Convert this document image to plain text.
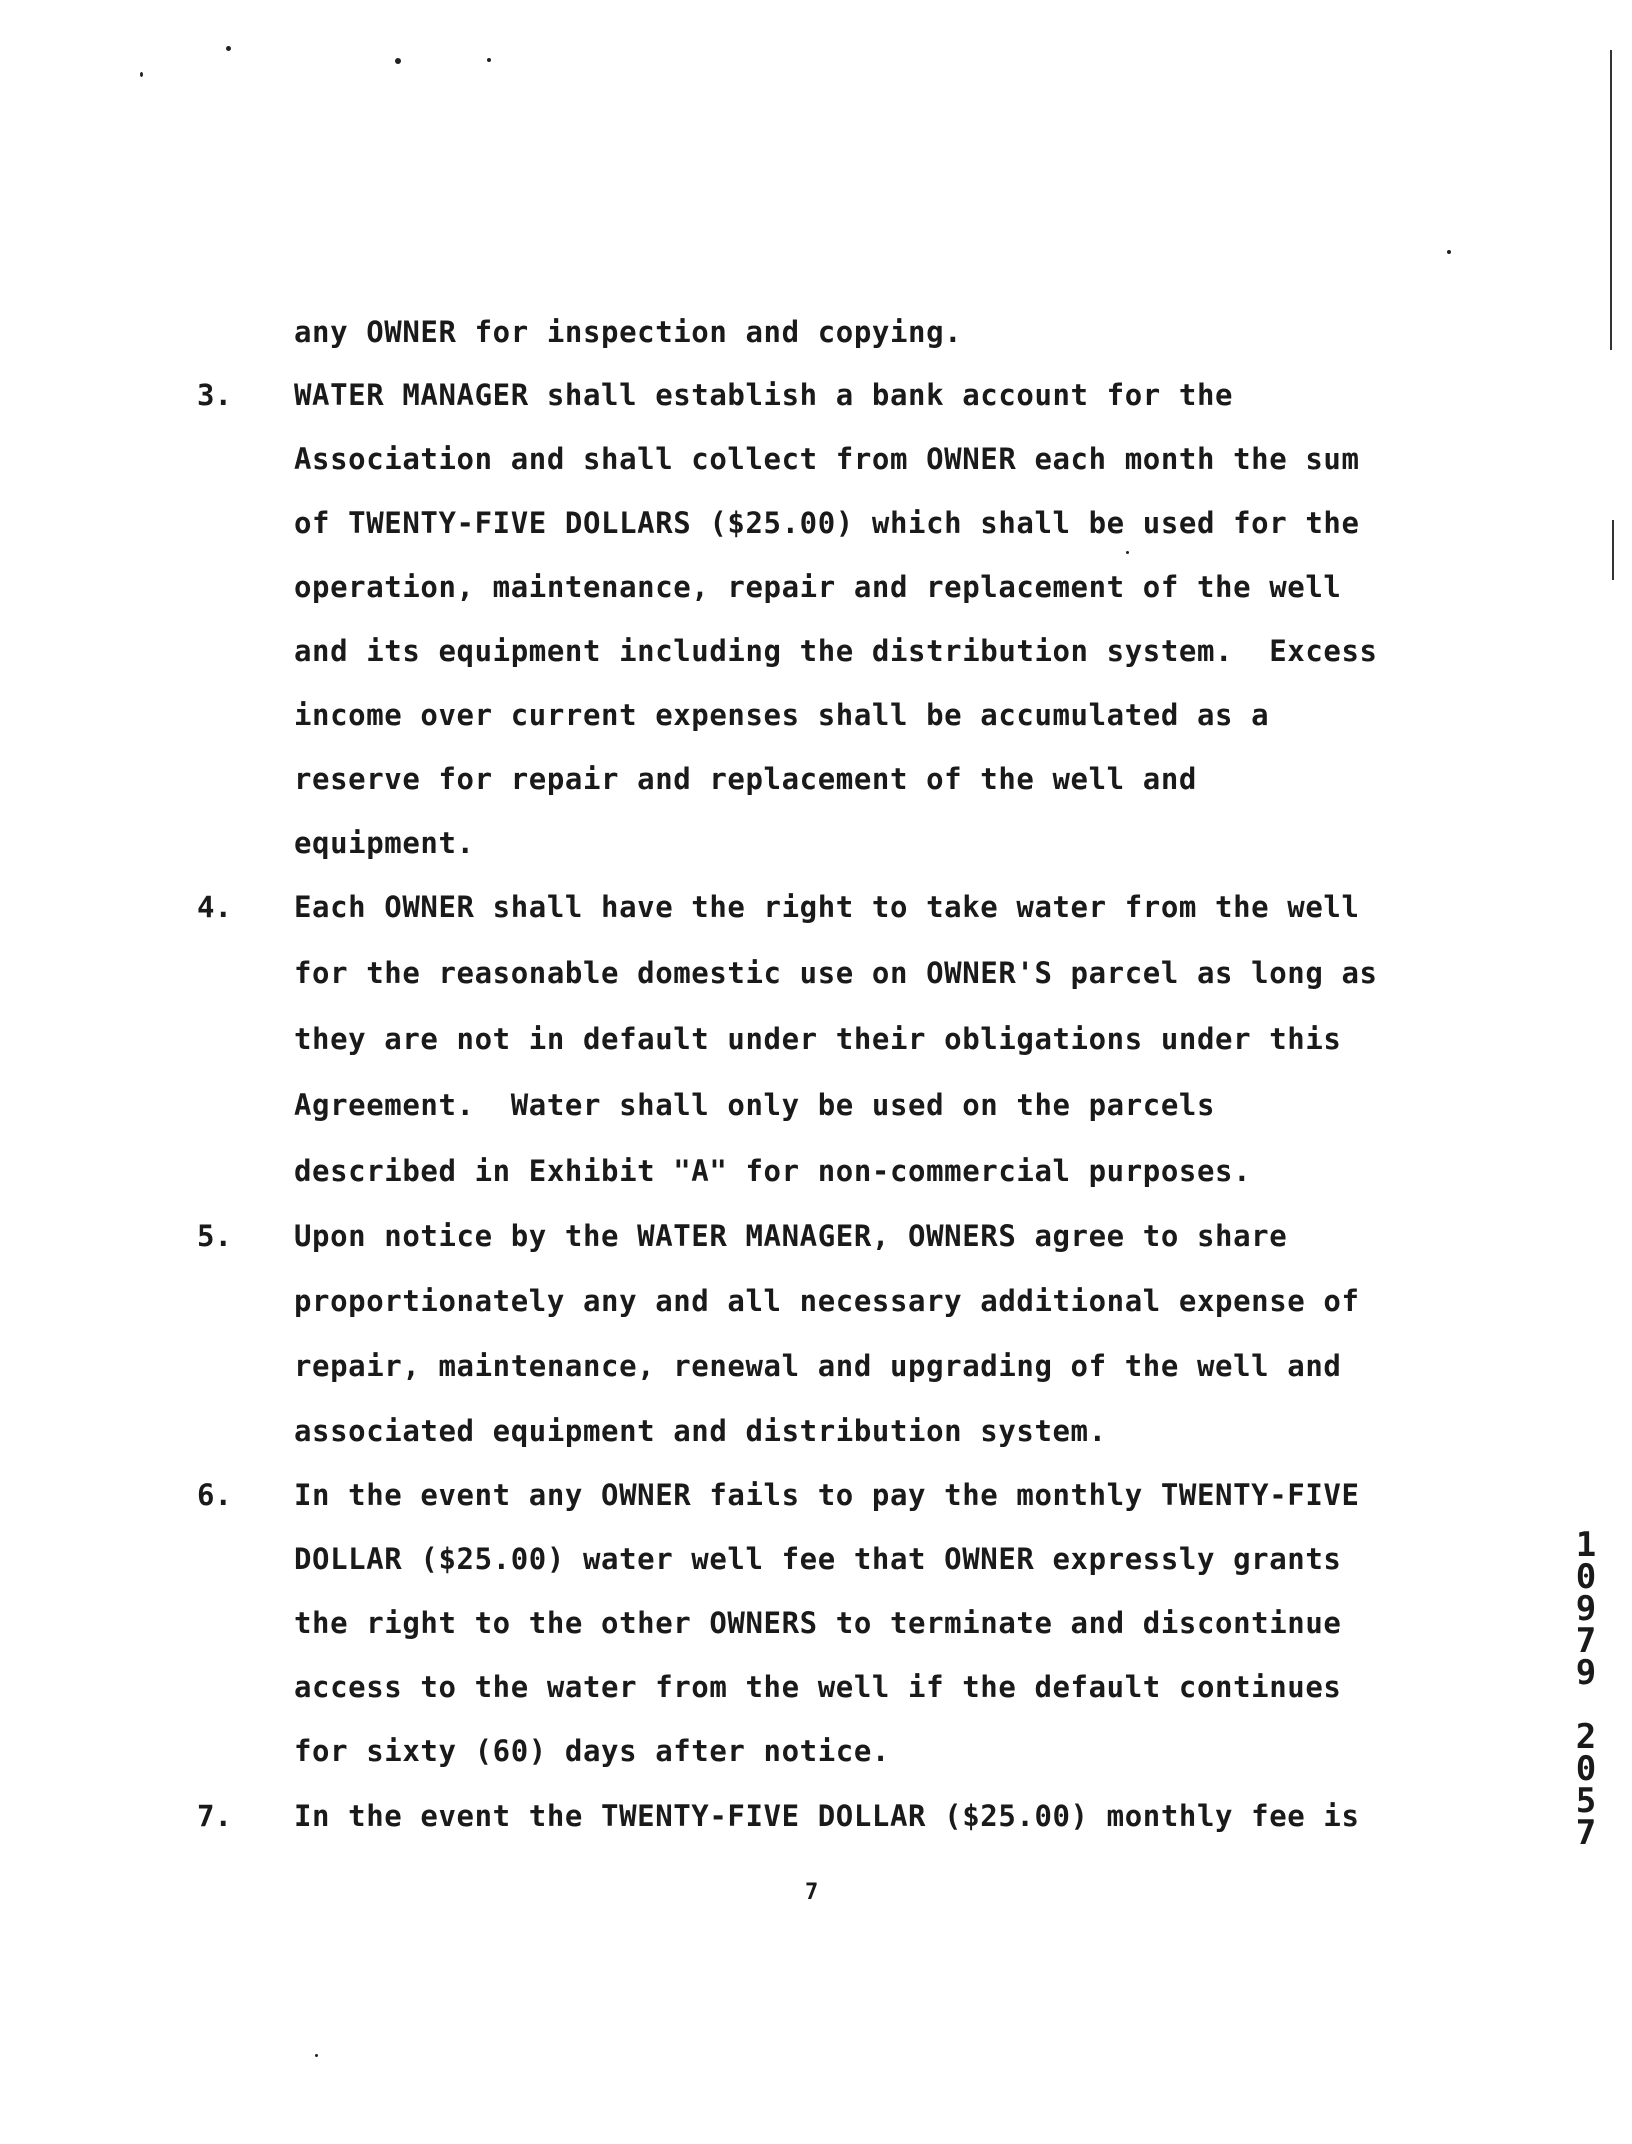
any OWNER for inspection and copying.
3. WATER MANAGER shall establish a bank account for the
Association and shall collect from OWNER each month the sum
of TWENTY-FIVE DOLLARS ($25.00) which shall be used for the
operation, maintenance, repair and replacement of the well
and its equipment including the distribution system.  Excess
income over current expenses shall be accumulated as a
reserve for repair and replacement of the well and
equipment.
4. Each OWNER shall have the right to take water from the well
for the reasonable domestic use on OWNER'S parcel as long as
they are not in default under their obligations under this
Agreement.  Water shall only be used on the parcels
described in Exhibit "A" for non-commercial purposes.
5. Upon notice by the WATER MANAGER, OWNERS agree to share
proportionately any and all necessary additional expense of
repair, maintenance, renewal and upgrading of the well and
associated equipment and distribution system.
6. In the event any OWNER fails to pay the monthly TWENTY-FIVE
DOLLAR ($25.00) water well fee that OWNER expressly grants
the right to the other OWNERS to terminate and discontinue
access to the water from the well if the default continues
for sixty (60) days after notice.
7. In the event the TWENTY-FIVE DOLLAR ($25.00) monthly fee is
7
1
0
9
7
9
2
0
5
7
